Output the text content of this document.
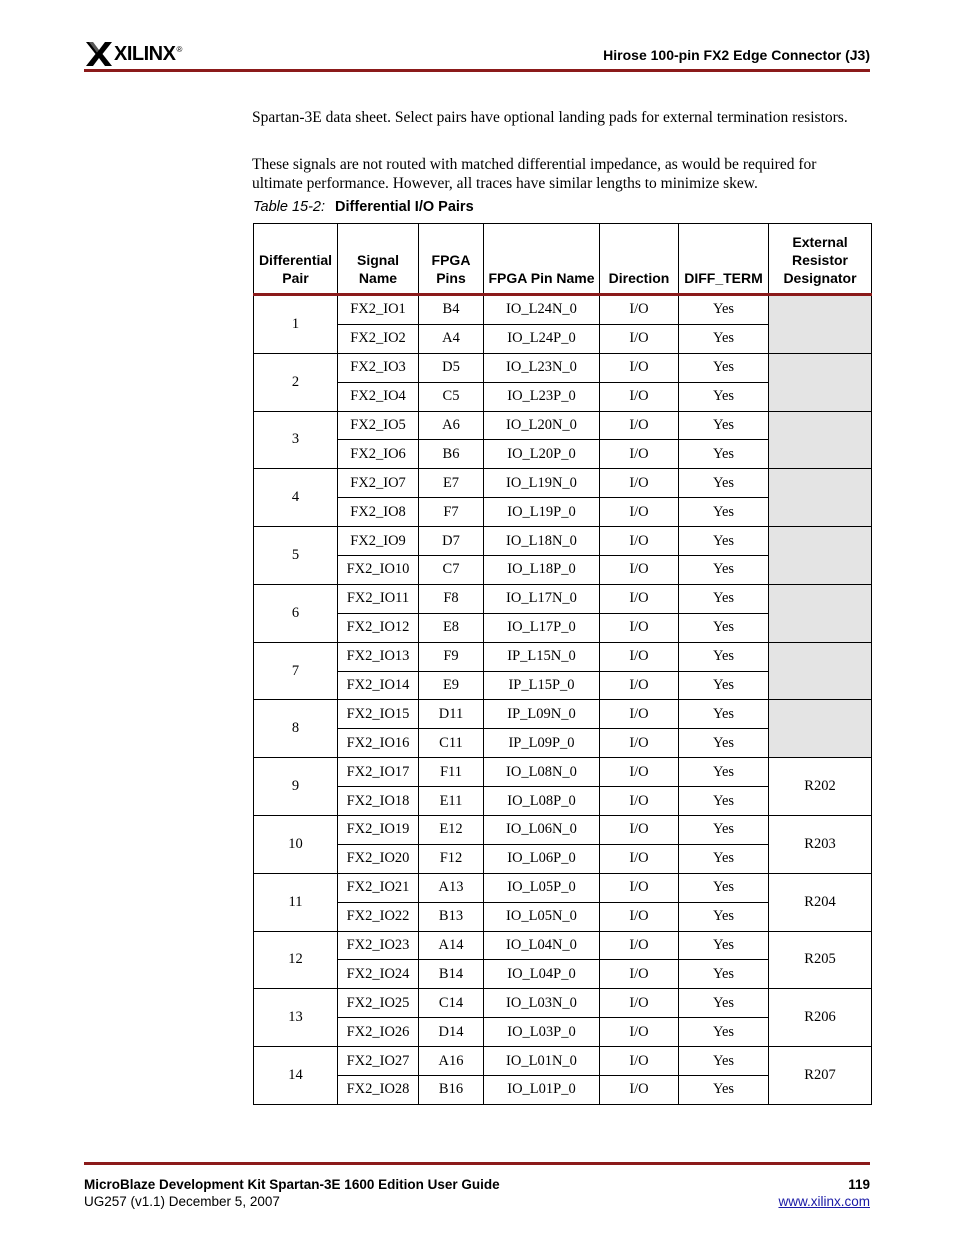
XILINX®	Hirose 100-pin FX2 Edge Connector (J3)

Spartan-3E data sheet. Select pairs have optional landing pads for external termination resistors.

These signals are not routed with matched differential impedance, as would be required for ultimate performance. However, all traces have similar lengths to minimize skew.

Table 15-2: Differential I/O Pairs
Differential Pair	Signal Name	FPGA Pins	FPGA Pin Name	Direction	DIFF_TERM	External Resistor Designator
1	FX2_IO1	B4	IO_L24N_0	I/O	Yes	
	FX2_IO2	A4	IO_L24P_0	I/O	Yes	
2	FX2_IO3	D5	IO_L23N_0	I/O	Yes	
	FX2_IO4	C5	IO_L23P_0	I/O	Yes	
3	FX2_IO5	A6	IO_L20N_0	I/O	Yes	
	FX2_IO6	B6	IO_L20P_0	I/O	Yes	
4	FX2_IO7	E7	IO_L19N_0	I/O	Yes	
	FX2_IO8	F7	IO_L19P_0	I/O	Yes	
5	FX2_IO9	D7	IO_L18N_0	I/O	Yes	
	FX2_IO10	C7	IO_L18P_0	I/O	Yes	
6	FX2_IO11	F8	IO_L17N_0	I/O	Yes	
	FX2_IO12	E8	IO_L17P_0	I/O	Yes	
7	FX2_IO13	F9	IP_L15N_0	I/O	Yes	
	FX2_IO14	E9	IP_L15P_0	I/O	Yes	
8	FX2_IO15	D11	IP_L09N_0	I/O	Yes	
	FX2_IO16	C11	IP_L09P_0	I/O	Yes	
9	FX2_IO17	F11	IO_L08N_0	I/O	Yes	R202
	FX2_IO18	E11	IO_L08P_0	I/O	Yes	
10	FX2_IO19	E12	IO_L06N_0	I/O	Yes	R203
	FX2_IO20	F12	IO_L06P_0	I/O	Yes	
11	FX2_IO21	A13	IO_L05P_0	I/O	Yes	R204
	FX2_IO22	B13	IO_L05N_0	I/O	Yes	
12	FX2_IO23	A14	IO_L04N_0	I/O	Yes	R205
	FX2_IO24	B14	IO_L04P_0	I/O	Yes	
13	FX2_IO25	C14	IO_L03N_0	I/O	Yes	R206
	FX2_IO26	D14	IO_L03P_0	I/O	Yes	
14	FX2_IO27	A16	IO_L01N_0	I/O	Yes	R207
	FX2_IO28	B16	IO_L01P_0	I/O	Yes	
MicroBlaze Development Kit Spartan-3E 1600 Edition User Guide
UG257 (v1.1) December 5, 2007
119
www.xilinx.com
